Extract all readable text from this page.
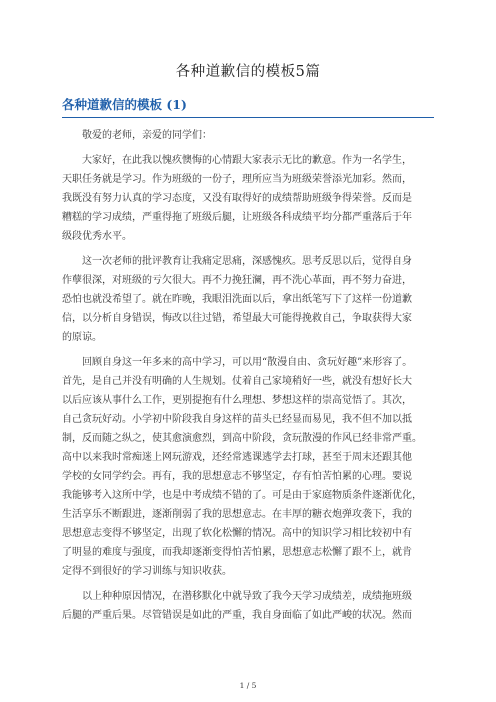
各种道歉信的模板5篇
各种道歉信的模板 (1)
　　敬爱的老师，亲爱的同学们：
　　大家好，在此我以愧疚懊悔的心情跟大家表示无比的歉意。作为一名学生，
天职任务就是学习。作为班级的一份子，理所应当为班级荣誉添光加彩。然而，
我既没有努力认真的学习态度，又没有取得好的成绩帮助班级争得荣誉。反而是
糟糕的学习成绩，严重得拖了班级后腿，让班级各科成绩平均分都严重落后于年
级段优秀水平。
　　这一次老师的批评教育让我痛定思痛，深感愧疚。思考反思以后，觉得自身
作孽很深，对班级的亏欠很大。再不力挽狂澜，再不洗心革面，再不努力奋进，
恐怕也就没希望了。就在昨晚，我眼泪洗面以后，拿出纸笔写下了这样一份道歉
信，以分析自身错误，悔改以往过错，希望最大可能得挽救自己，争取获得大家
的原谅。
　　回顾自身这一年多来的高中学习，可以用“散漫自由、贪玩好趣”来形容了。
首先，是自己并没有明确的人生规划。仗着自己家境稍好一些，就没有想好长大
以后应该从事什么工作，更别提抱有什么理想、梦想这样的崇高觉悟了。其次，
自己贪玩好动。小学初中阶段我自身这样的苗头已经显而易见，我不但不加以抵
制，反而随之纵之，使其愈演愈烈，到高中阶段，贪玩散漫的作风已经非常严重。
高中以来我时常痴迷上网玩游戏，还经常逃课逃学去打球，甚至于周末还跟其他
学校的女同学约会。再有，我的思想意志不够坚定，存有怕苦怕累的心理。要说
我能够考入这所中学，也是中考成绩不错的了。可是由于家庭物质条件逐渐优化，
生活享乐不断跟进，逐渐削弱了我的思想意志。在丰厚的糖衣炮弹攻袭下，我的
思想意志变得不够坚定，出现了软化松懈的情况。高中的知识学习相比较初中有
了明显的难度与强度，而我却逐渐变得怕苦怕累，思想意志松懈了跟不上，就肯
定得不到很好的学习训练与知识收获。
　　以上种种原因情况，在潜移默化中就导致了我今天学习成绩差，成绩拖班级
后腿的严重后果。尽管错误是如此的严重，我自身面临了如此严峻的状况。然而
1 / 5
